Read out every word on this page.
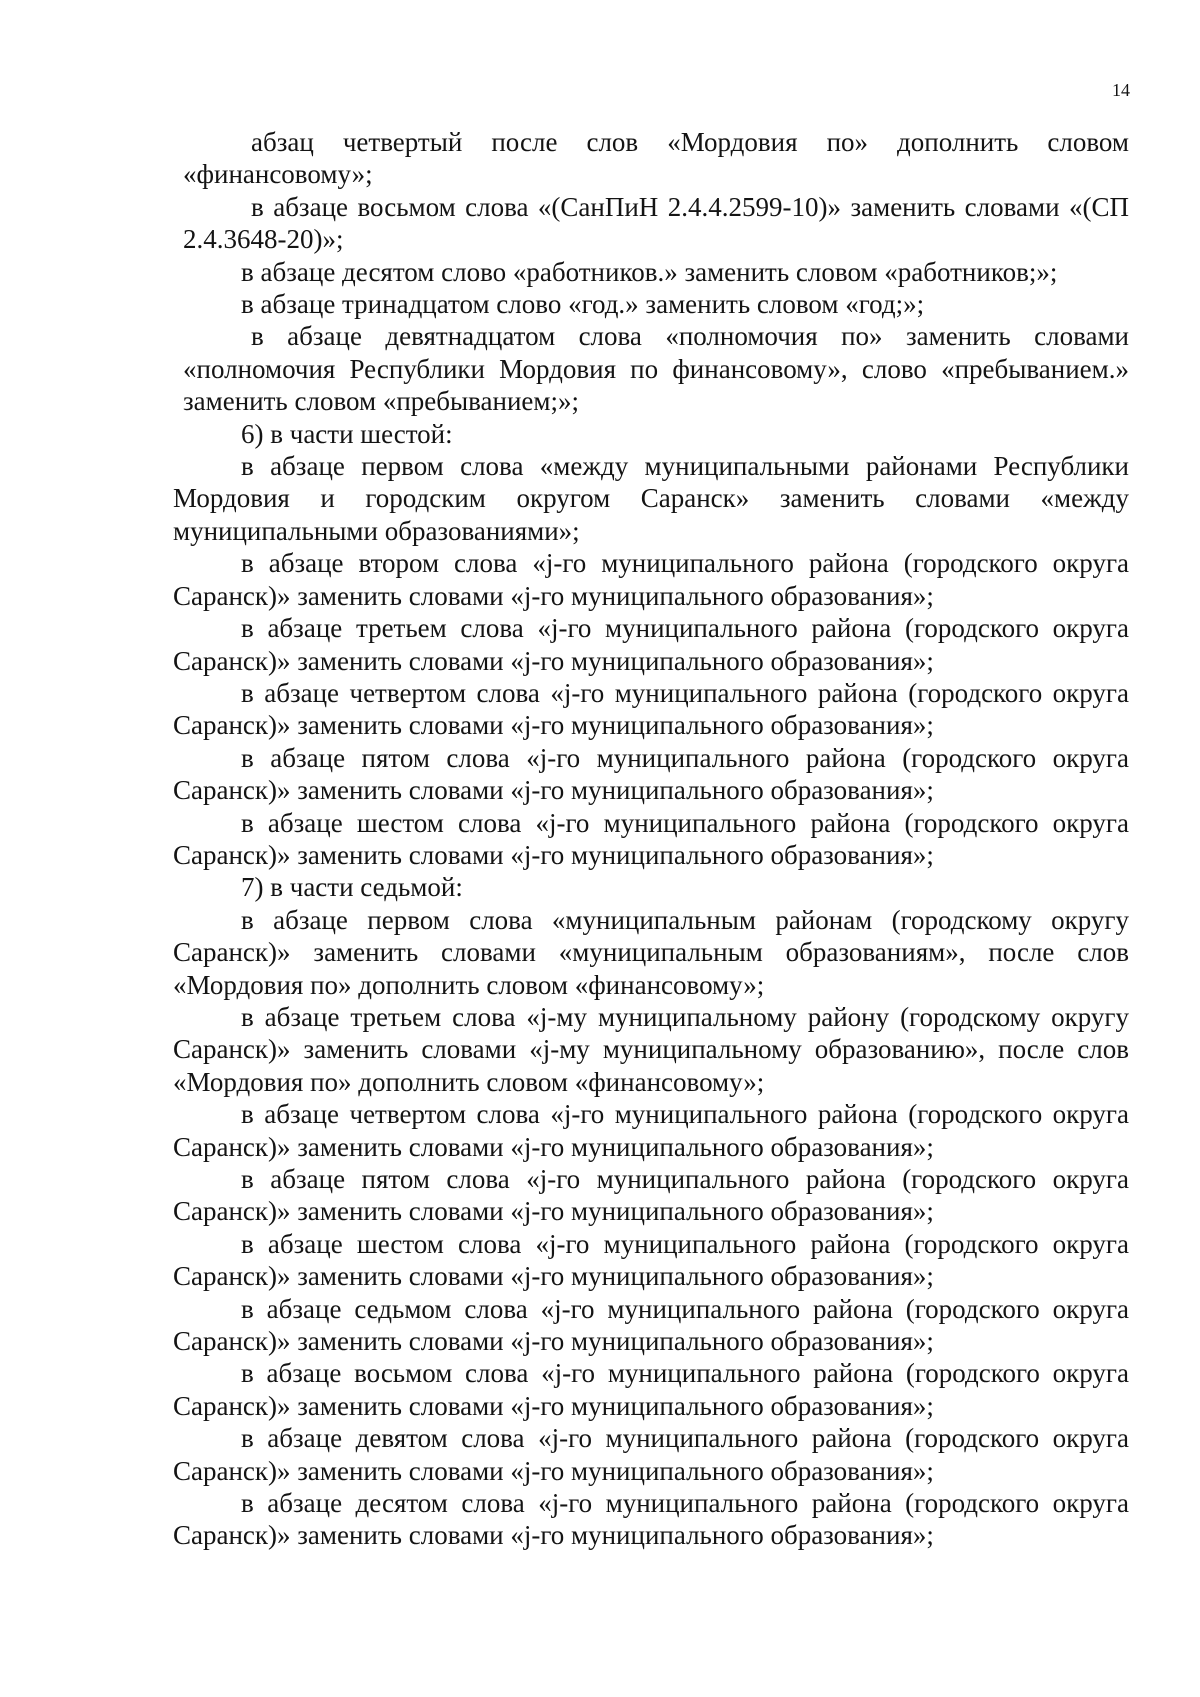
14

абзац четвертый после слов «Мордовия по» дополнить словом «финансовому»;

в абзаце восьмом слова «(СанПиН 2.4.4.2599-10)» заменить словами «(СП 2.4.3648-20)»;

в абзаце десятом слово «работников.» заменить словом «работников;»;

в абзаце тринадцатом слово «год.» заменить словом «год;»;

в абзаце девятнадцатом слова «полномочия по» заменить словами «полномочия Республики Мордовия по финансовому», слово «пребыванием.» заменить словом «пребыванием;»;

6) в части шестой:

в абзаце первом слова «между муниципальными районами Республики Мордовия и городским округом Саранск» заменить словами «между муниципальными образованиями»;

в абзаце втором слова «j-го муниципального района (городского округа Саранск)» заменить словами «j-го муниципального образования»;

в абзаце третьем слова «j-го муниципального района (городского округа Саранск)» заменить словами «j-го муниципального образования»;

в абзаце четвертом слова «j-го муниципального района (городского округа Саранск)» заменить словами «j-го муниципального образования»;

в абзаце пятом слова «j-го муниципального района (городского округа Саранск)» заменить словами «j-го муниципального образования»;

в абзаце шестом слова «j-го муниципального района (городского округа Саранск)» заменить словами «j-го муниципального образования»;

7) в части седьмой:

в абзаце первом слова «муниципальным районам (городскому округу Саранск)» заменить словами «муниципальным образованиям», после слов «Мордовия по» дополнить словом «финансовому»;

в абзаце третьем слова «j-му муниципальному району (городскому округу Саранск)» заменить словами «j-му муниципальному образованию», после слов «Мордовия по» дополнить словом «финансовому»;

в абзаце четвертом слова «j-го муниципального района (городского округа Саранск)» заменить словами «j-го муниципального образования»;

в абзаце пятом слова «j-го муниципального района (городского округа Саранск)» заменить словами «j-го муниципального образования»;

в абзаце шестом слова «j-го муниципального района (городского округа Саранск)» заменить словами «j-го муниципального образования»;

в абзаце седьмом слова «j-го муниципального района (городского округа Саранск)» заменить словами «j-го муниципального образования»;

в абзаце восьмом слова «j-го муниципального района (городского округа Саранск)» заменить словами «j-го муниципального образования»;

в абзаце девятом слова «j-го муниципального района (городского округа Саранск)» заменить словами «j-го муниципального образования»;

в абзаце десятом слова «j-го муниципального района (городского округа Саранск)» заменить словами «j-го муниципального образования»;
